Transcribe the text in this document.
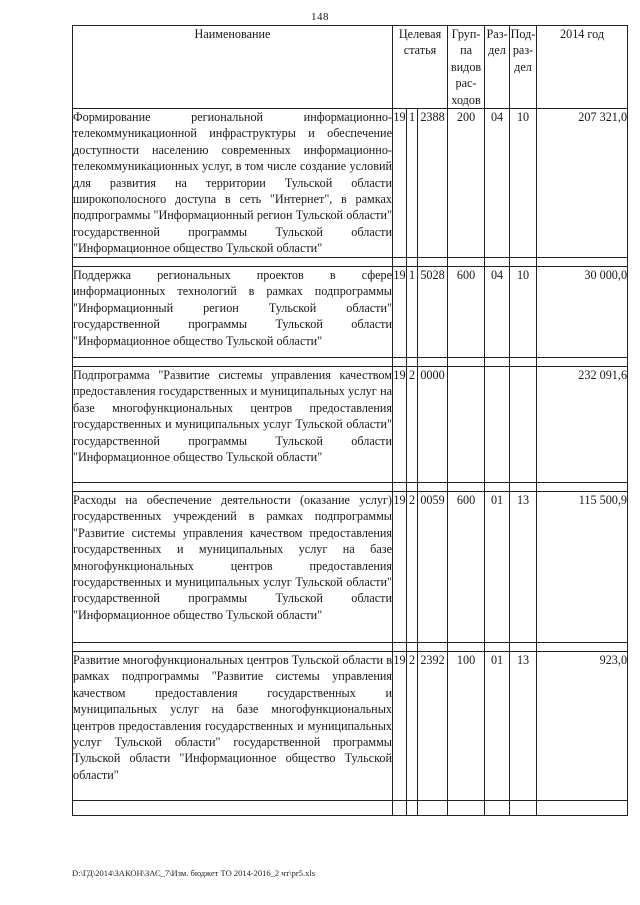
148
Наименование	Целевая статья			Груп-па видов рас-ходов	Раз-дел	Под-раз-дел	2014 год
Формирование региональной информационно-телекоммуникационной инфраструктуры и обеспечение доступности населению современных информационно-телекоммуникационных услуг, в том числе создание условий для развития на территории Тульской области широкополосного доступа в сеть "Интернет", в рамках подпрограммы "Информационный регион Тульской области" государственной программы Тульской области "Информационное общество Тульской области"	19	1	2388	200	04	10	207 321,0

Поддержка региональных проектов в сфере информационных технологий в рамках подпрограммы "Информационный регион Тульской области" государственной программы Тульской области "Информационное общество Тульской области"	19	1	5028	600	04	10	30 000,0

Подпрограмма "Развитие системы управления качеством предоставления государственных и муниципальных услуг на базе многофункциональных центров предоставления государственных и муниципальных услуг Тульской области" государственной программы Тульской области "Информационное общество Тульской области"	19	2	0000				232 091,6

Расходы на обеспечение деятельности (оказание услуг) государственных учреждений в рамках подпрограммы "Развитие системы управления качеством предоставления государственных и муниципальных услуг на базе многофункциональных центров предоставления государственных и муниципальных услуг Тульской области" государственной программы Тульской области "Информационное общество Тульской области"	19	2	0059	600	01	13	115 500,9

Развитие многофункциональных центров Тульской области в рамках подпрограммы "Развитие системы управления качеством предоставления государственных и муниципальных услуг на базе многофункциональных центров предоставления государственных и муниципальных услуг Тульской области" государственной программы Тульской области "Информационное общество Тульской области"	19	2	2392	100	01	13	923,0

D:\ГД\2014\ЗАКОН\ЗАС_7\Изм. бюджет ТО 2014-2016_2 чт\pr5.xls
